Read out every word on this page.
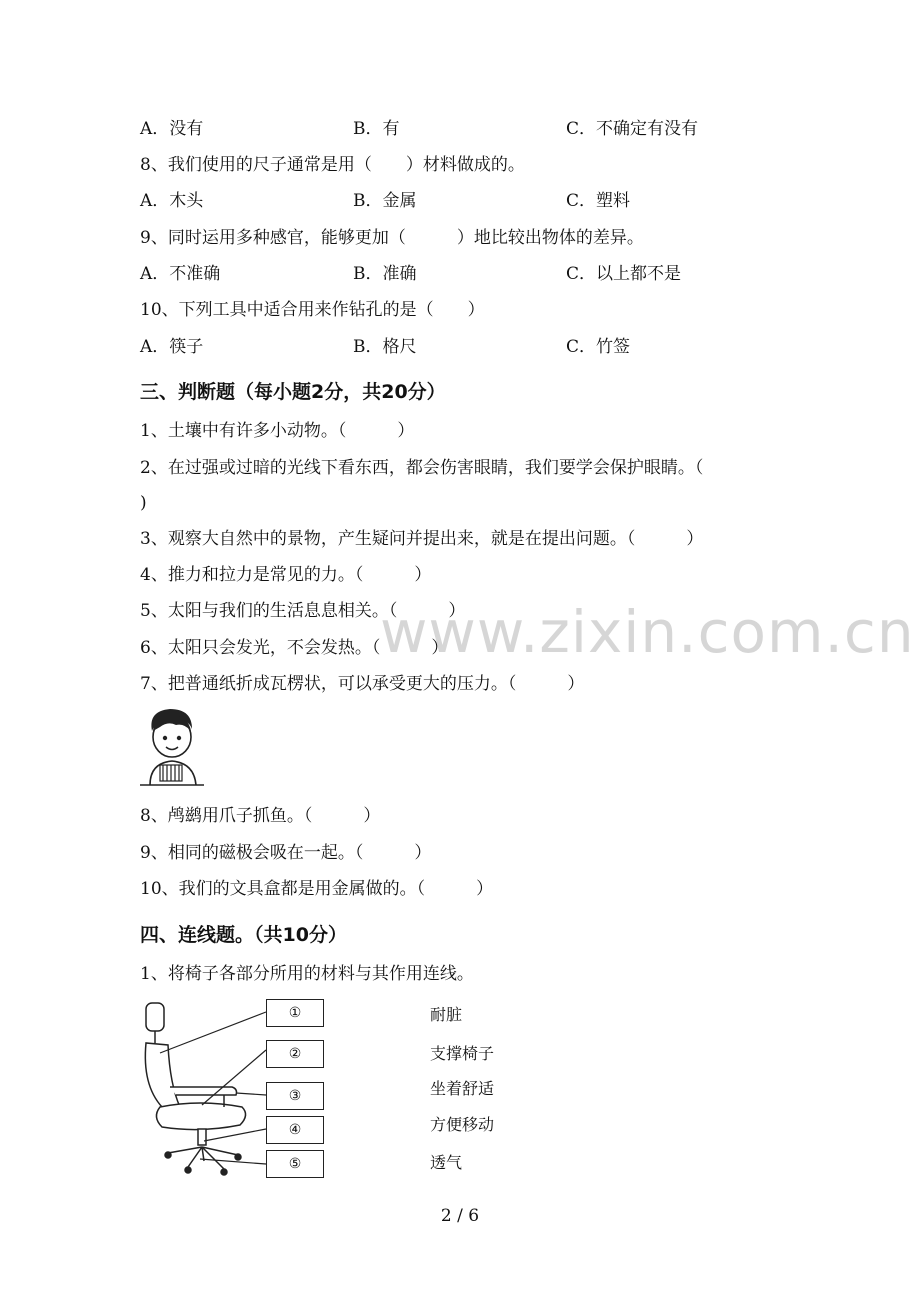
www.zixin.com.cn
A．没有	B．有	C．不确定有没有
8、我们使用的尺子通常是用（　　）材料做成的。
A．木头	B．金属	C．塑料
9、同时运用多种感官，能够更加（　　　）地比较出物体的差异。
A．不准确	B．准确	C．以上都不是
10、下列工具中适合用来作钻孔的是（　　）
A．筷子	B．格尺	C．竹签
三、判断题（每小题2分，共20分）
1、土壤中有许多小动物。（　　　）
2、在过强或过暗的光线下看东西，都会伤害眼睛，我们要学会保护眼睛。（
)
3、观察大自然中的景物，产生疑问并提出来，就是在提出问题。（　　　）
4、推力和拉力是常见的力。（　　　）
5、太阳与我们的生活息息相关。（　　　）
6、太阳只会发光，不会发热。（　　　）
7、把普通纸折成瓦楞状，可以承受更大的压力。（　　　）
8、鸬鹚用爪子抓鱼。（　　　）
9、相同的磁极会吸在一起。（　　　）
10、我们的文具盒都是用金属做的。（　　　）
四、连线题。（共10分）
1、将椅子各部分所用的材料与其作用连线。
①
②
③
④
⑤
耐脏
支撑椅子
坐着舒适
方便移动
透气
2 / 6
